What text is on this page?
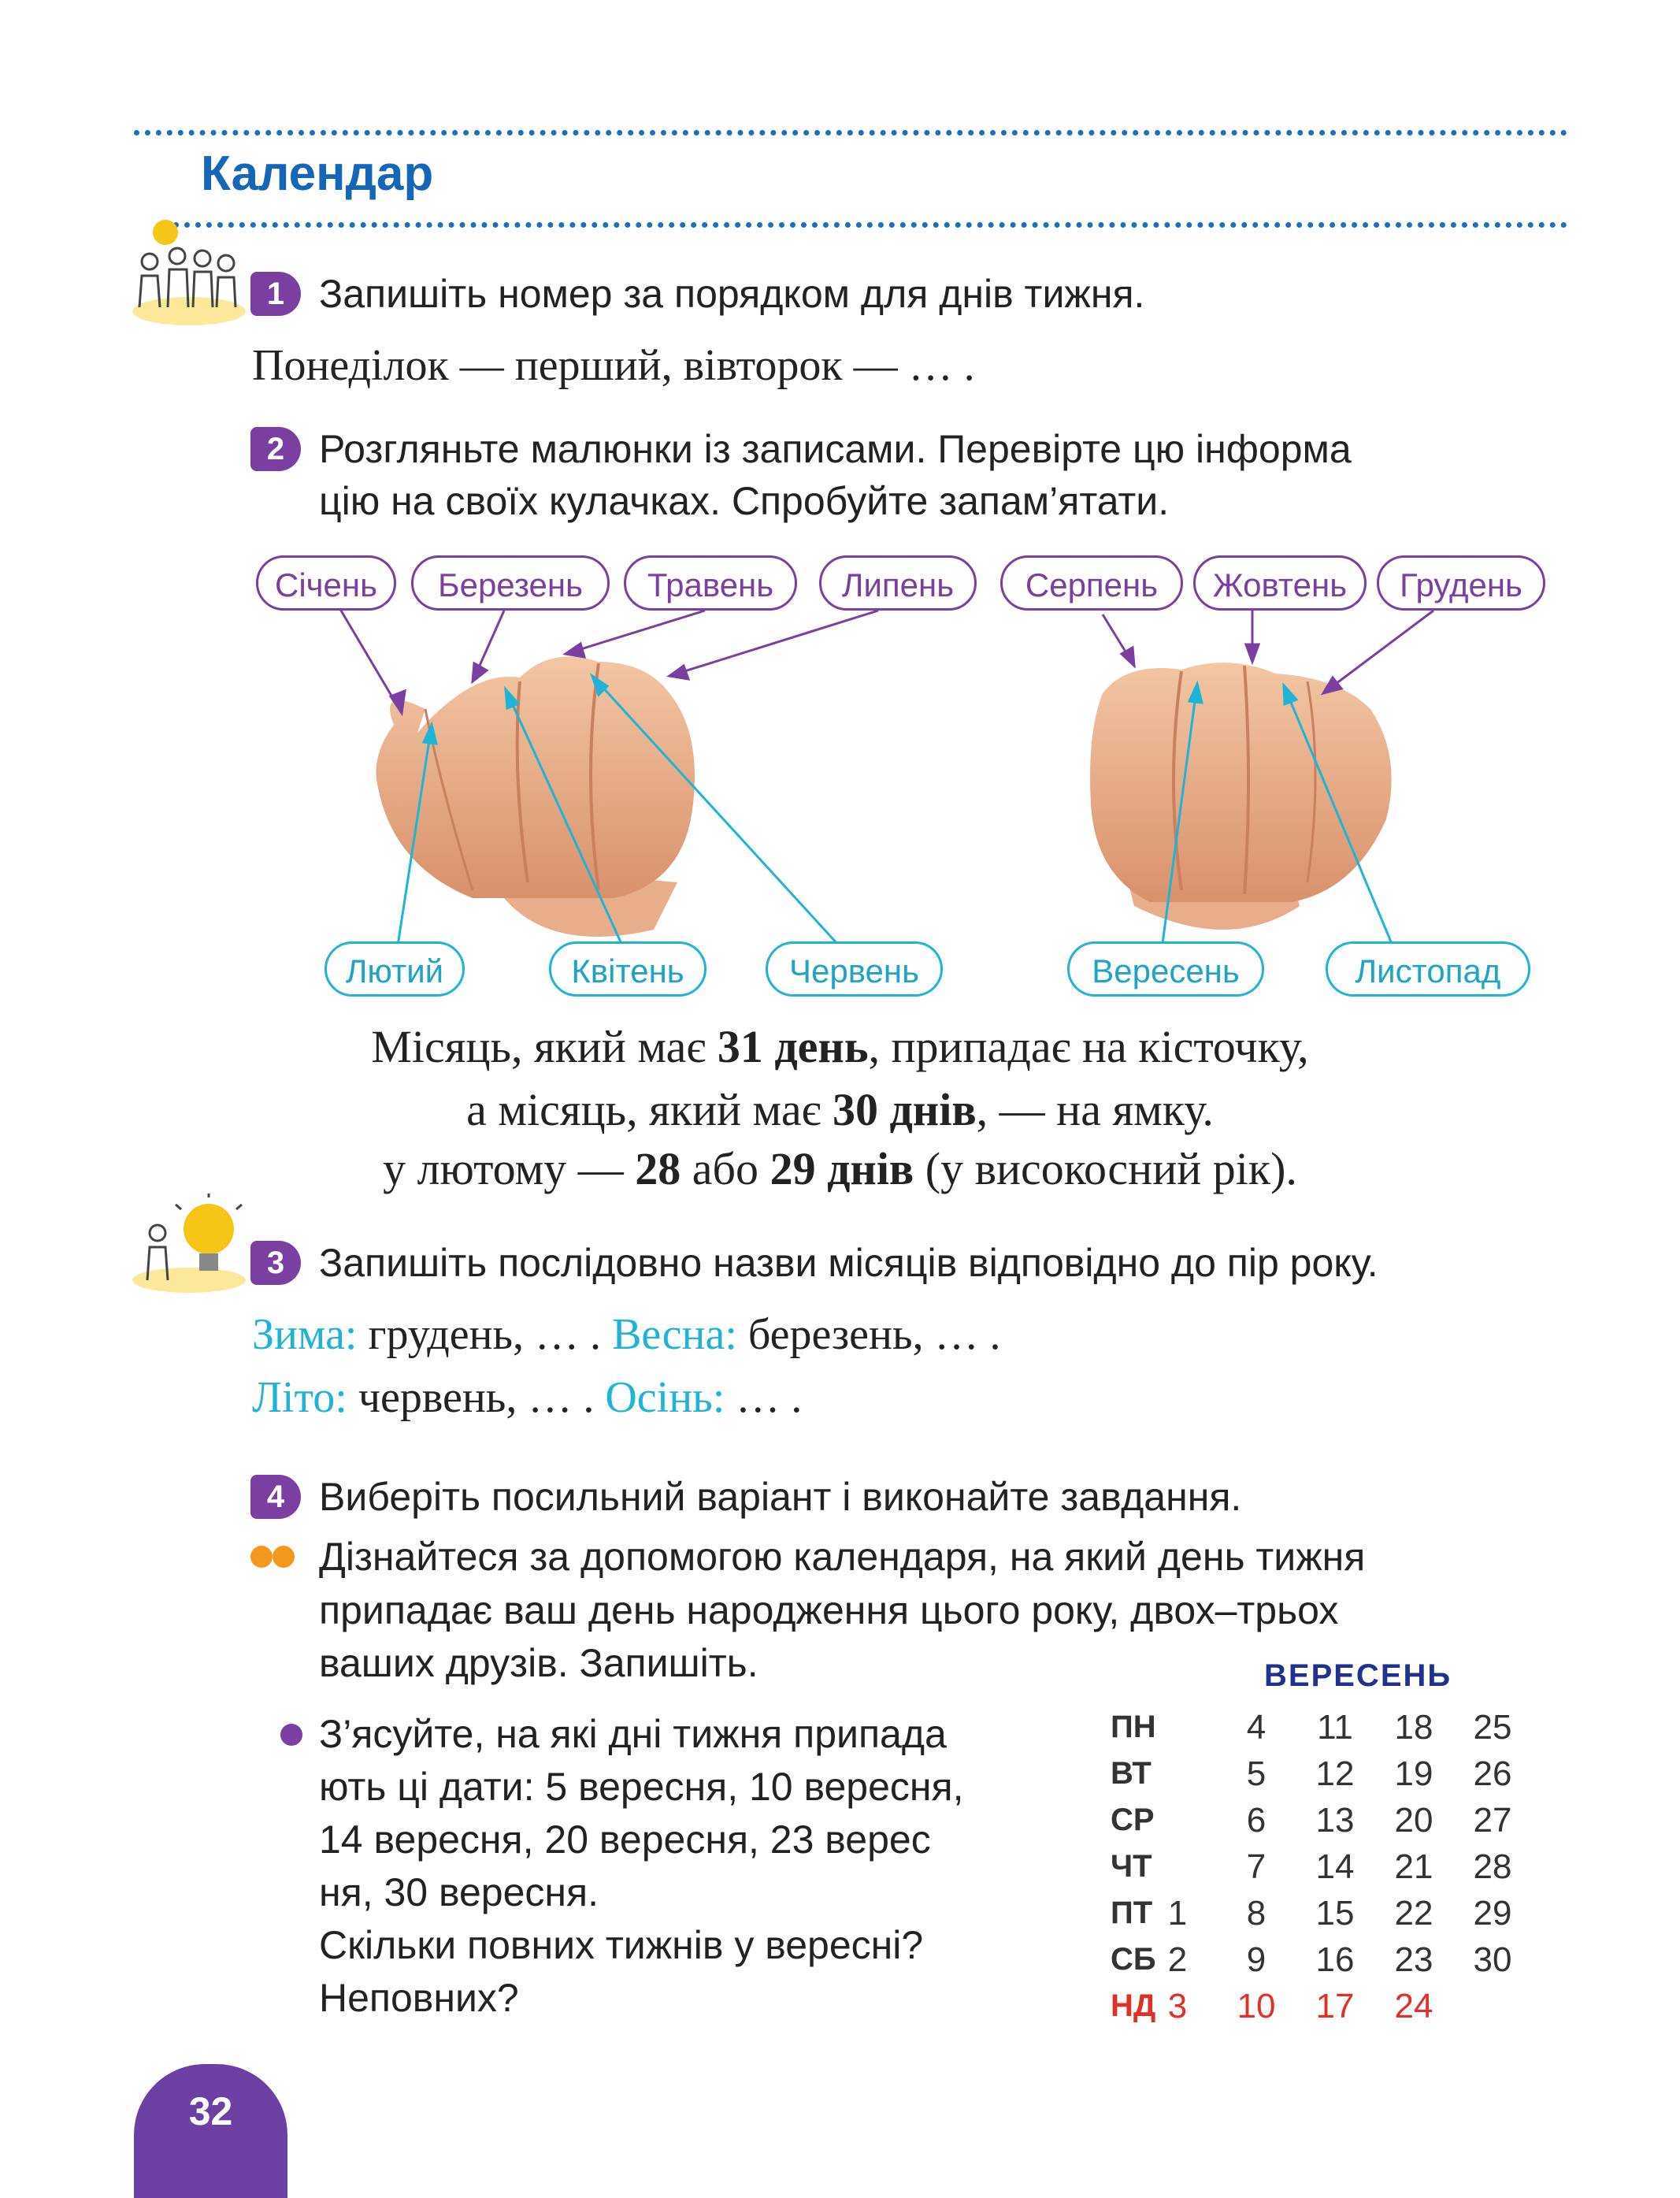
Календар
1 Запишіть номер за порядком для днів тижня.
Понеділок — перший, вівторок — … .
2 Розгляньте малюнки із записами. Перевірте цю інформа
цію на своїх кулачках. Спробуйте запам’ятати.
Січень	Березень	Травень	Липень	Серпень	Жовтень	Грудень
Лютий	Квітень	Червень	Вересень	Листопад
Місяць, який має 31 день, припадає на кісточку,
а місяць, який має 30 днів, — на ямку.
у лютому — 28 або 29 днів (у високосний рік).
3 Запишіть послідовно назви місяців відповідно до пір року.
Зима: грудень, … . Весна: березень, … .
Літо: червень, … . Осінь: … .
4 Виберіть посильний варіант і виконайте завдання.
Дізнайтеся за допомогою календаря, на який день тижня
припадає ваш день народження цього року, двох–трьох
ваших друзів. Запишіть.
З’ясуйте, на які дні тижня припада
ють ці дати: 5 вересня, 10 вересня,
14 вересня, 20 вересня, 23 верес
ня, 30 вересня.
Скільки повних тижнів у вересні?
Неповних?
ВЕРЕСЕНЬ
ПН	4	11	18	25
ВТ	5	12	19	26
СР	6	13	20	27
ЧТ	7	14	21	28
ПТ 1	8	15	22	29
СБ 2	9	16	23	30
НД 3	10	17	24
32
